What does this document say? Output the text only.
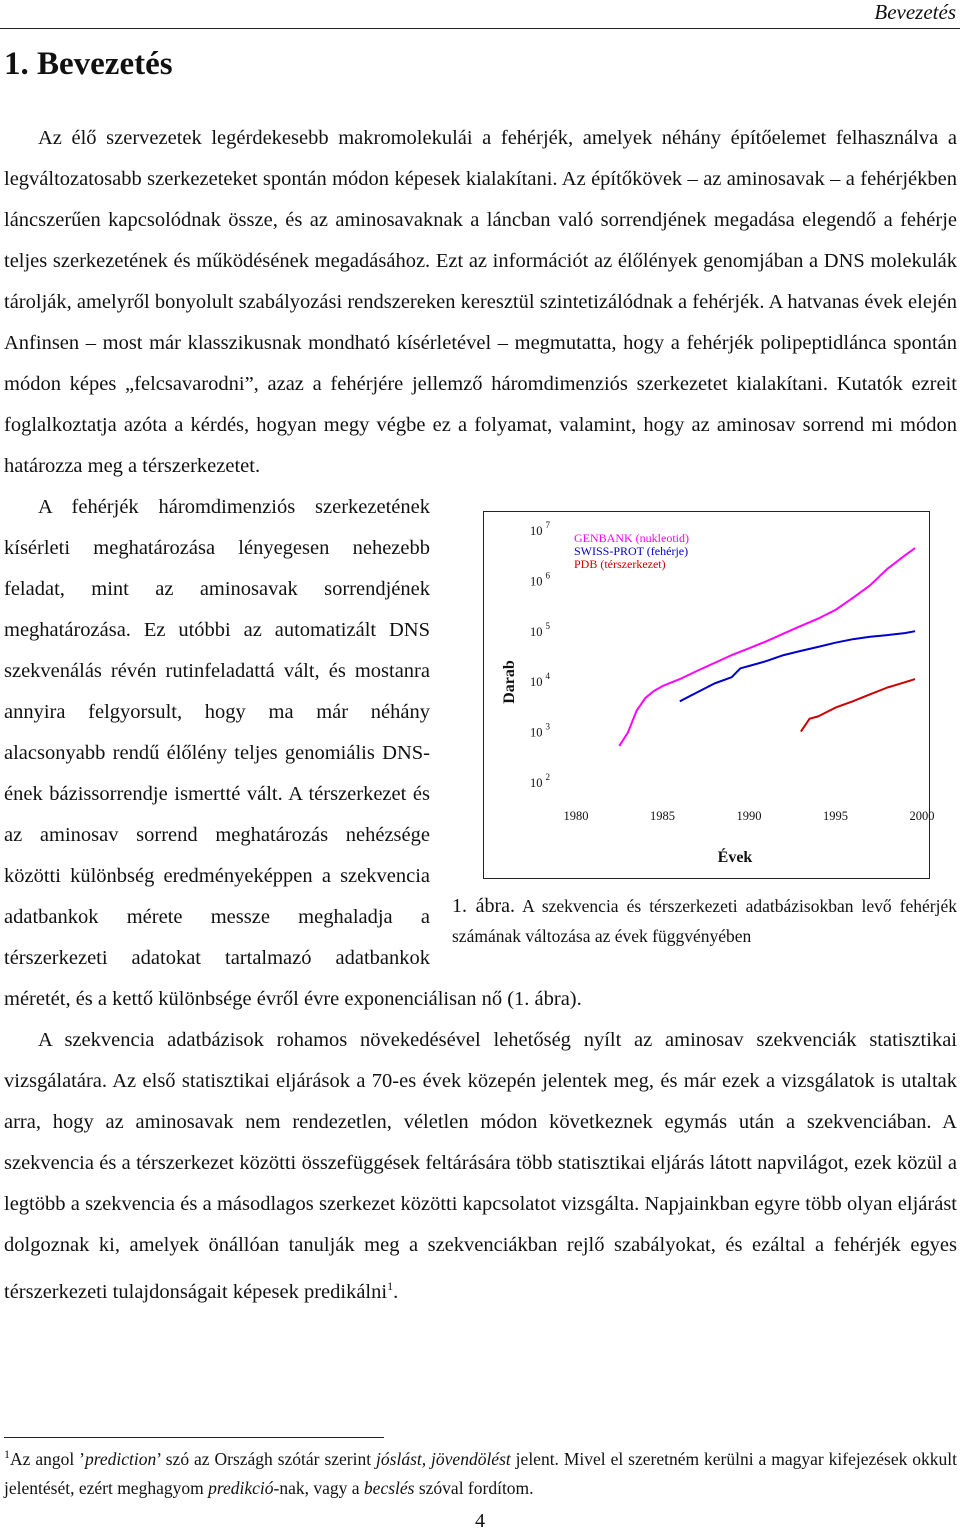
Bevezetés
1. Bevezetés

Az élő szervezetek legérdekesebb makromolekulái a fehérjék, amelyek néhány építőelemet felhasználva a legváltozatosabb szerkezeteket spontán módon képesek kialakítani. Az építőkövek – az aminosavak – a fehérjékben láncszerűen kapcsolódnak össze, és az aminosavaknak a láncban való sorrendjének megadása elegendő a fehérje teljes szerkezetének és működésének megadásához. Ezt az információt az élőlények genomjában a DNS molekulák tárolják, amelyről bonyolult szabályozási rendszereken keresztül szintetizálódnak a fehérjék. A hatvanas évek elején Anfinsen – most már klasszikusnak mondható kísérletével – megmutatta, hogy a fehérjék polipeptidlánca spontán módon képes „felcsavarodni”, azaz a fehérjére jellemző háromdimenziós szerkezetet kialakítani. Kutatók ezreit foglalkoztatja azóta a kérdés, hogyan megy végbe ez a folyamat, valamint, hogy az aminosav sorrend mi módon határozza meg a térszerkezetet.

Darab
Évek
10 $^2$
10 $^3$
10 $^4$
10 $^5$
10 $^6$
10 $^7$
1980	1985	1990	1995	2000
GENBANK (nukleotid)
SWISS-PROT (fehérje)
PDB (térszerkezet)
1. ábra. A szekvencia és térszerkezeti adatbázisokban levő fehérjék számának változása az évek függvényében
A fehérjék háromdimenziós szerkezetének kísérleti meghatározása lényegesen nehezebb feladat, mint az aminosavak sorrendjének meghatározása. Ez utóbbi az automatizált DNS szekvenálás révén rutinfeladattá vált, és mostanra annyira felgyorsult, hogy ma már néhány alacsonyabb rendű élőlény teljes genomiális DNS-ének bázissorrendje ismertté vált. A térszerkezet és az aminosav sorrend meghatározás nehézsége közötti különbség eredményeképpen a szekvencia adatbankok mérete messze meghaladja a térszerkezeti adatokat tartalmazó adatbankok méretét, és a kettő különbsége évről évre exponenciálisan nő (1. ábra).

A szekvencia adatbázisok rohamos növekedésével lehetőség nyílt az aminosav szekvenciák statisztikai vizsgálatára. Az első statisztikai eljárások a 70-es évek közepén jelentek meg, és már ezek a vizsgálatok is utaltak arra, hogy az aminosavak nem rendezetlen, véletlen módon következnek egymás után a szekvenciában. A szekvencia és a térszerkezet közötti összefüggések feltárására több statisztikai eljárás látott napvilágot, ezek közül a legtöbb a szekvencia és a másodlagos szerkezet közötti kapcsolatot vizsgálta. Napjainkban egyre több olyan eljárást dolgoznak ki, amelyek önállóan tanulják meg a szekvenciákban rejlő szabályokat, és ezáltal a fehérjék egyes térszerkezeti tulajdonságait képesek predikálni$^1$.

$^1$Az angol ’prediction’ szó az Országh szótár szerint jóslást, jövendölést jelent. Mivel el szeretném kerülni a magyar kifejezések okkult jelentését, ezért meghagyom predikció-nak, vagy a becslés szóval fordítom.
4
